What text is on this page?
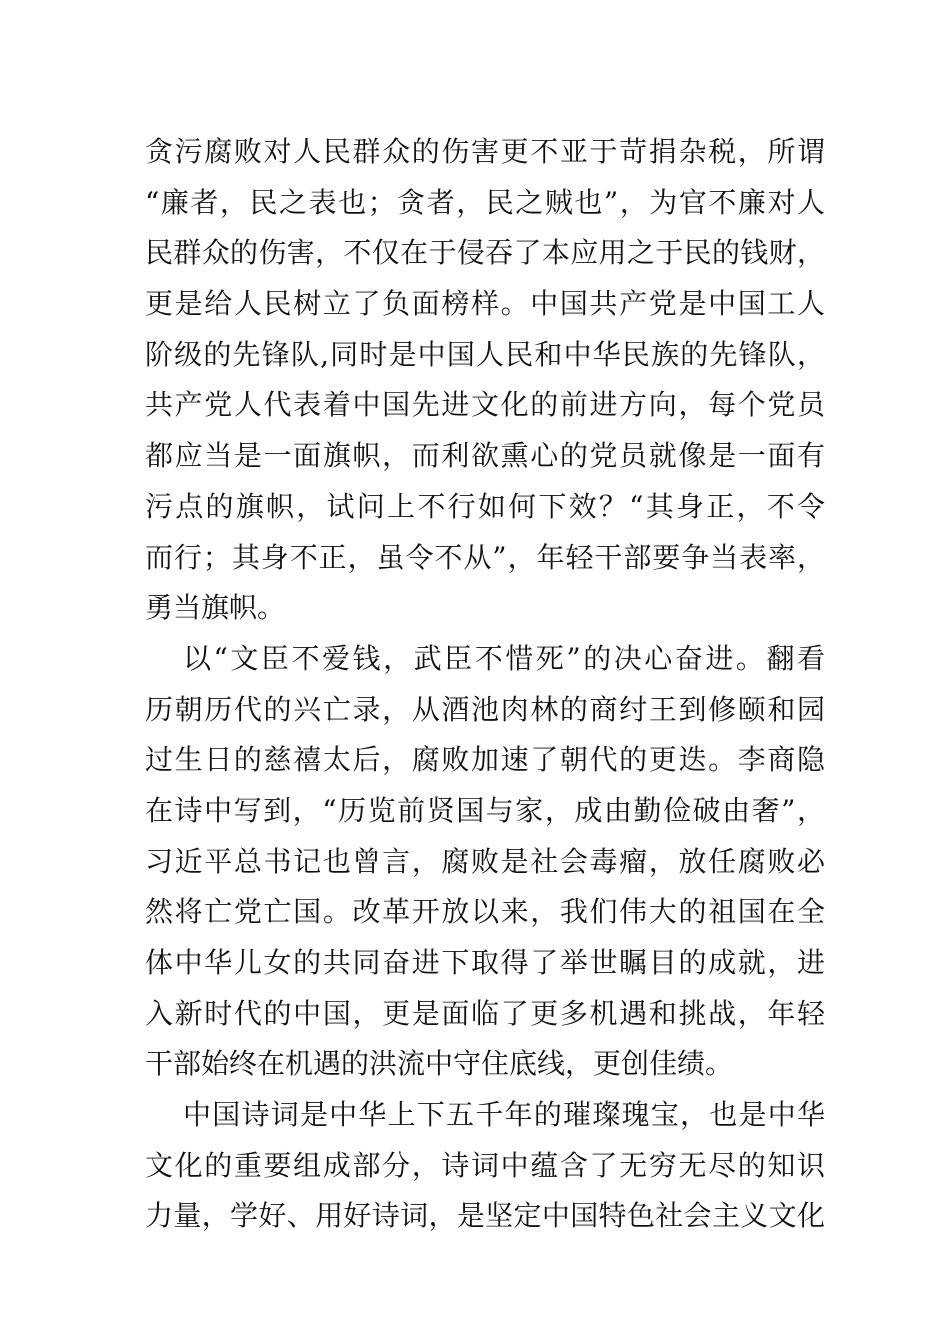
贪污腐败对人民群众的伤害更不亚于苛捐杂税，所谓
“廉者，民之表也；贪者，民之贼也”，为官不廉对人
民群众的伤害，不仅在于侵吞了本应用之于民的钱财，
更是给人民树立了负面榜样。中国共产党是中国工人
阶级的先锋队,同时是中国人民和中华民族的先锋队，
共产党人代表着中国先进文化的前进方向，每个党员
都应当是一面旗帜，而利欲熏心的党员就像是一面有
污点的旗帜，试问上不行如何下效？“其身正，不令
而行；其身不正，虽令不从”，年轻干部要争当表率，
勇当旗帜。
以“文臣不爱钱，武臣不惜死”的决心奋进。翻看
历朝历代的兴亡录，从酒池肉林的商纣王到修颐和园
过生日的慈禧太后，腐败加速了朝代的更迭。李商隐
在诗中写到，“历览前贤国与家，成由勤俭破由奢”，
习近平总书记也曾言，腐败是社会毒瘤，放任腐败必
然将亡党亡国。改革开放以来，我们伟大的祖国在全
体中华儿女的共同奋进下取得了举世瞩目的成就，进
入新时代的中国，更是面临了更多机遇和挑战，年轻
干部始终在机遇的洪流中守住底线，更创佳绩。
中国诗词是中华上下五千年的璀璨瑰宝，也是中华
文化的重要组成部分，诗词中蕴含了无穷无尽的知识
力量，学好、用好诗词，是坚定中国特色社会主义文化
